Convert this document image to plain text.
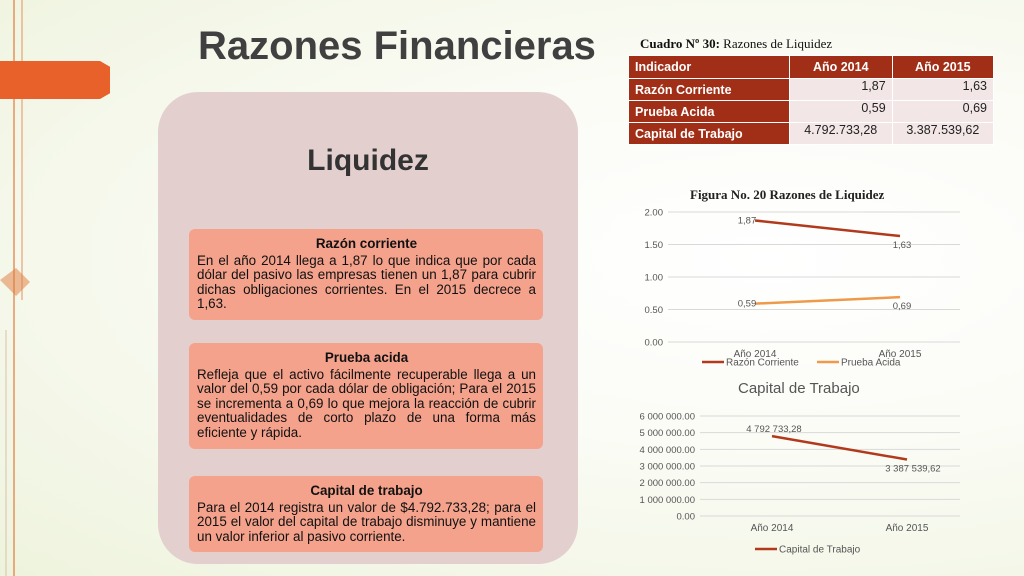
Razones Financieras
Liquidez
Razón corriente
En el año 2014 llega a 1,87 lo que indica que por cada dólar del pasivo las empresas tienen un 1,87 para cubrir dichas obligaciones corrientes. En el 2015 decrece a 1,63.
Prueba acida
Refleja que el activo fácilmente recuperable llega a un valor del 0,59 por cada dólar de obligación; Para el 2015 se incrementa a 0,69 lo que mejora la reacción de cubrir eventualidades de corto plazo de una forma más eficiente y rápida.
Capital de trabajo
Para el 2014 registra un valor de $4.792.733,28; para el 2015 el valor del capital de trabajo disminuye y mantiene un valor inferior al pasivo corriente.
Cuadro Nº 30: Razones de Liquidez
Indicador	Año 2014	Año 2015
Razón Corriente	1,87	1,63
Prueba Acida	0,59	0,69
Capital de Trabajo	4.792.733,28	3.387.539,62
Figura No. 20 Razones de Liquidez
0.00
0.50
1.00
1.50
2.00
Año 2014	Año 2015
1,87
1,63
0,59	0,69
Razón Corriente	Prueba Acida
Capital de Trabajo
0.00
1 000 000.00
2 000 000.00
3 000 000.00
4 000 000.00
5 000 000.00
6 000 000.00
Año 2014	Año 2015
4 792 733,28
3 387 539,62
Capital de Trabajo
